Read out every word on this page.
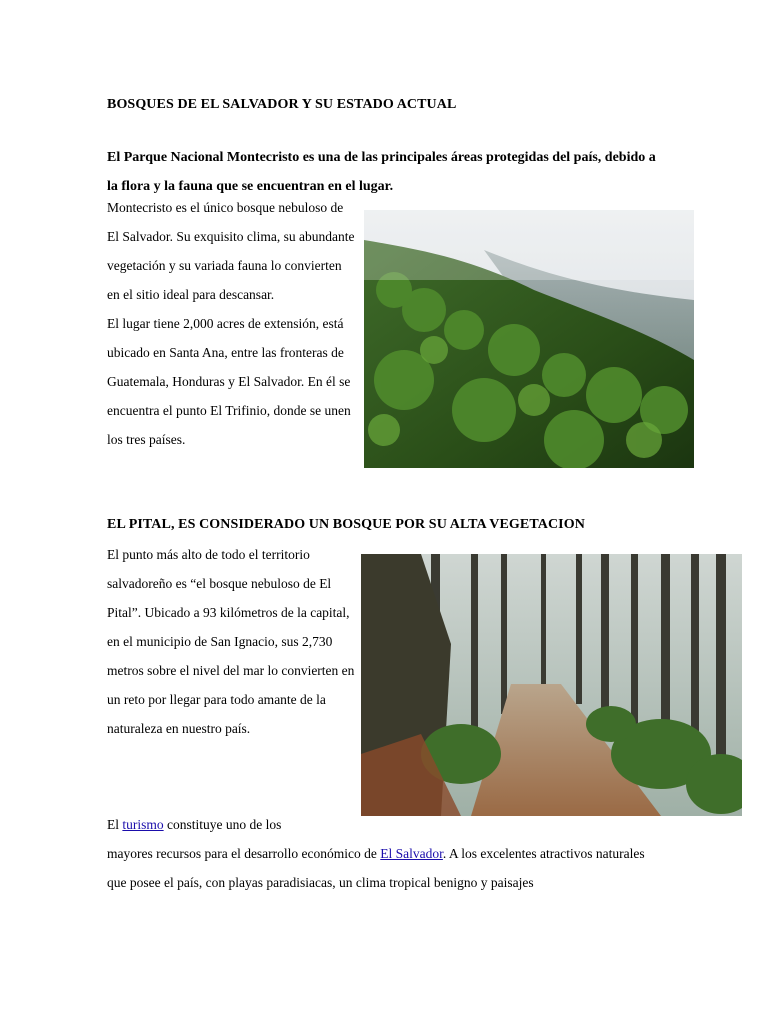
BOSQUES DE EL SALVADOR Y SU ESTADO ACTUAL
El Parque Nacional Montecristo es una de las principales áreas protegidas del país, debido a la flora y la fauna que se encuentran en el lugar.
Montecristo es el único bosque nebuloso de El Salvador. Su exquisito clima, su abundante vegetación y su variada fauna lo convierten en el sitio ideal para descansar.
El lugar tiene 2,000 acres de extensión, está ubicado en Santa Ana, entre las fronteras de Guatemala, Honduras y El Salvador. En él se encuentra el punto El Trifinio, donde se unen los tres países.
EL PITAL, ES CONSIDERADO UN BOSQUE POR SU ALTA VEGETACION
El punto más alto de todo el territorio salvadoreño es “el bosque nebuloso de El Pital”. Ubicado a 93 kilómetros de la capital, en el municipio de San Ignacio, sus 2,730 metros sobre el nivel del mar lo convierten en un reto por llegar para todo amante de la naturaleza en nuestro país.
El turismo constituye uno de los
mayores recursos para el desarrollo económico de El Salvador. A los excelentes atractivos naturales que posee el país, con playas paradisiacas, un clima tropical benigno y paisajes
